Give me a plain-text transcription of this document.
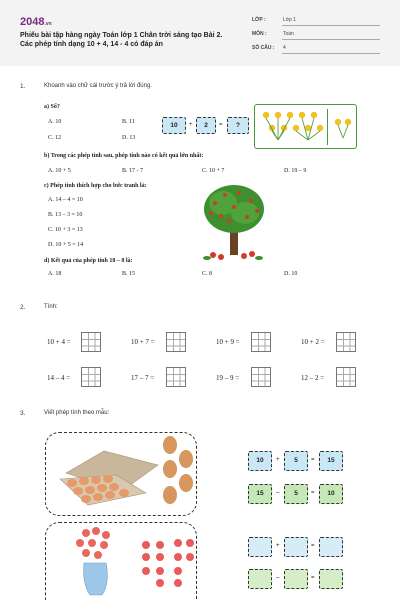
2048.vn
Phiếu bài tập hàng ngày Toán lớp 1 Chân trời sáng tạo Bài 2. Các phép tính dạng 10 + 4, 14 - 4 có đáp án
LỚP :	Lớp 1
MÔN :	Toán
SỐ CÂU : 4
1.	Khoanh vào chữ cái trước ý trả lời đúng.
a) Số?
A. 10	B. 11
C. 12	D. 13
10	+	2	=	?
b) Trong các phép tính sau, phép tính nào có kết quả lớn nhất:
A. 10 + 5	B. 17 - 7	C. 10 + 7	D. 19 – 9
c) Phép tính thích hợp cho bức tranh là:
A. 14 – 4 = 10
B. 13 – 3 = 10
C. 10 + 3 = 13
D. 10 + 5 = 14
d) Kết quả của phép tính 18 – 8 là:
A. 18	B. 15	C. 8	D. 10
2.	Tính:
10 + 4 =	10 + 7 =	10 + 9 =	10 + 2 =
14 – 4 =	17 – 7 =	19 – 9 =	12 – 2 =
3.	Viết phép tính theo mẫu:
10	+	5	=	15
15	–	5	=	10
+	=
–	=
